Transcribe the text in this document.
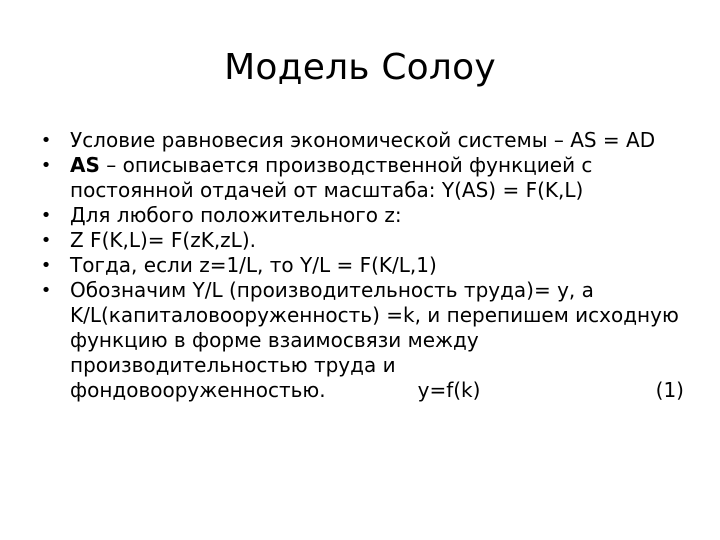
Модель Солоу
• Условие равновесия экономической системы – AS = AD
• AS – описывается производственной функцией с постоянной отдачей от масштаба: Y(AS) = F(K,L)
• Для любого положительного z:
• Z F(K,L)= F(zK,zL).
• Тогда, если z=1/L, то Y/L = F(K/L,1)
• Обозначим Y/L (производительность труда)= y, а K/L(капиталовооруженность) =k, и перепишем исходную функцию в форме взаимосвязи между производительностью труда и
фондовооруженностью.	y=f(k)	(1)
